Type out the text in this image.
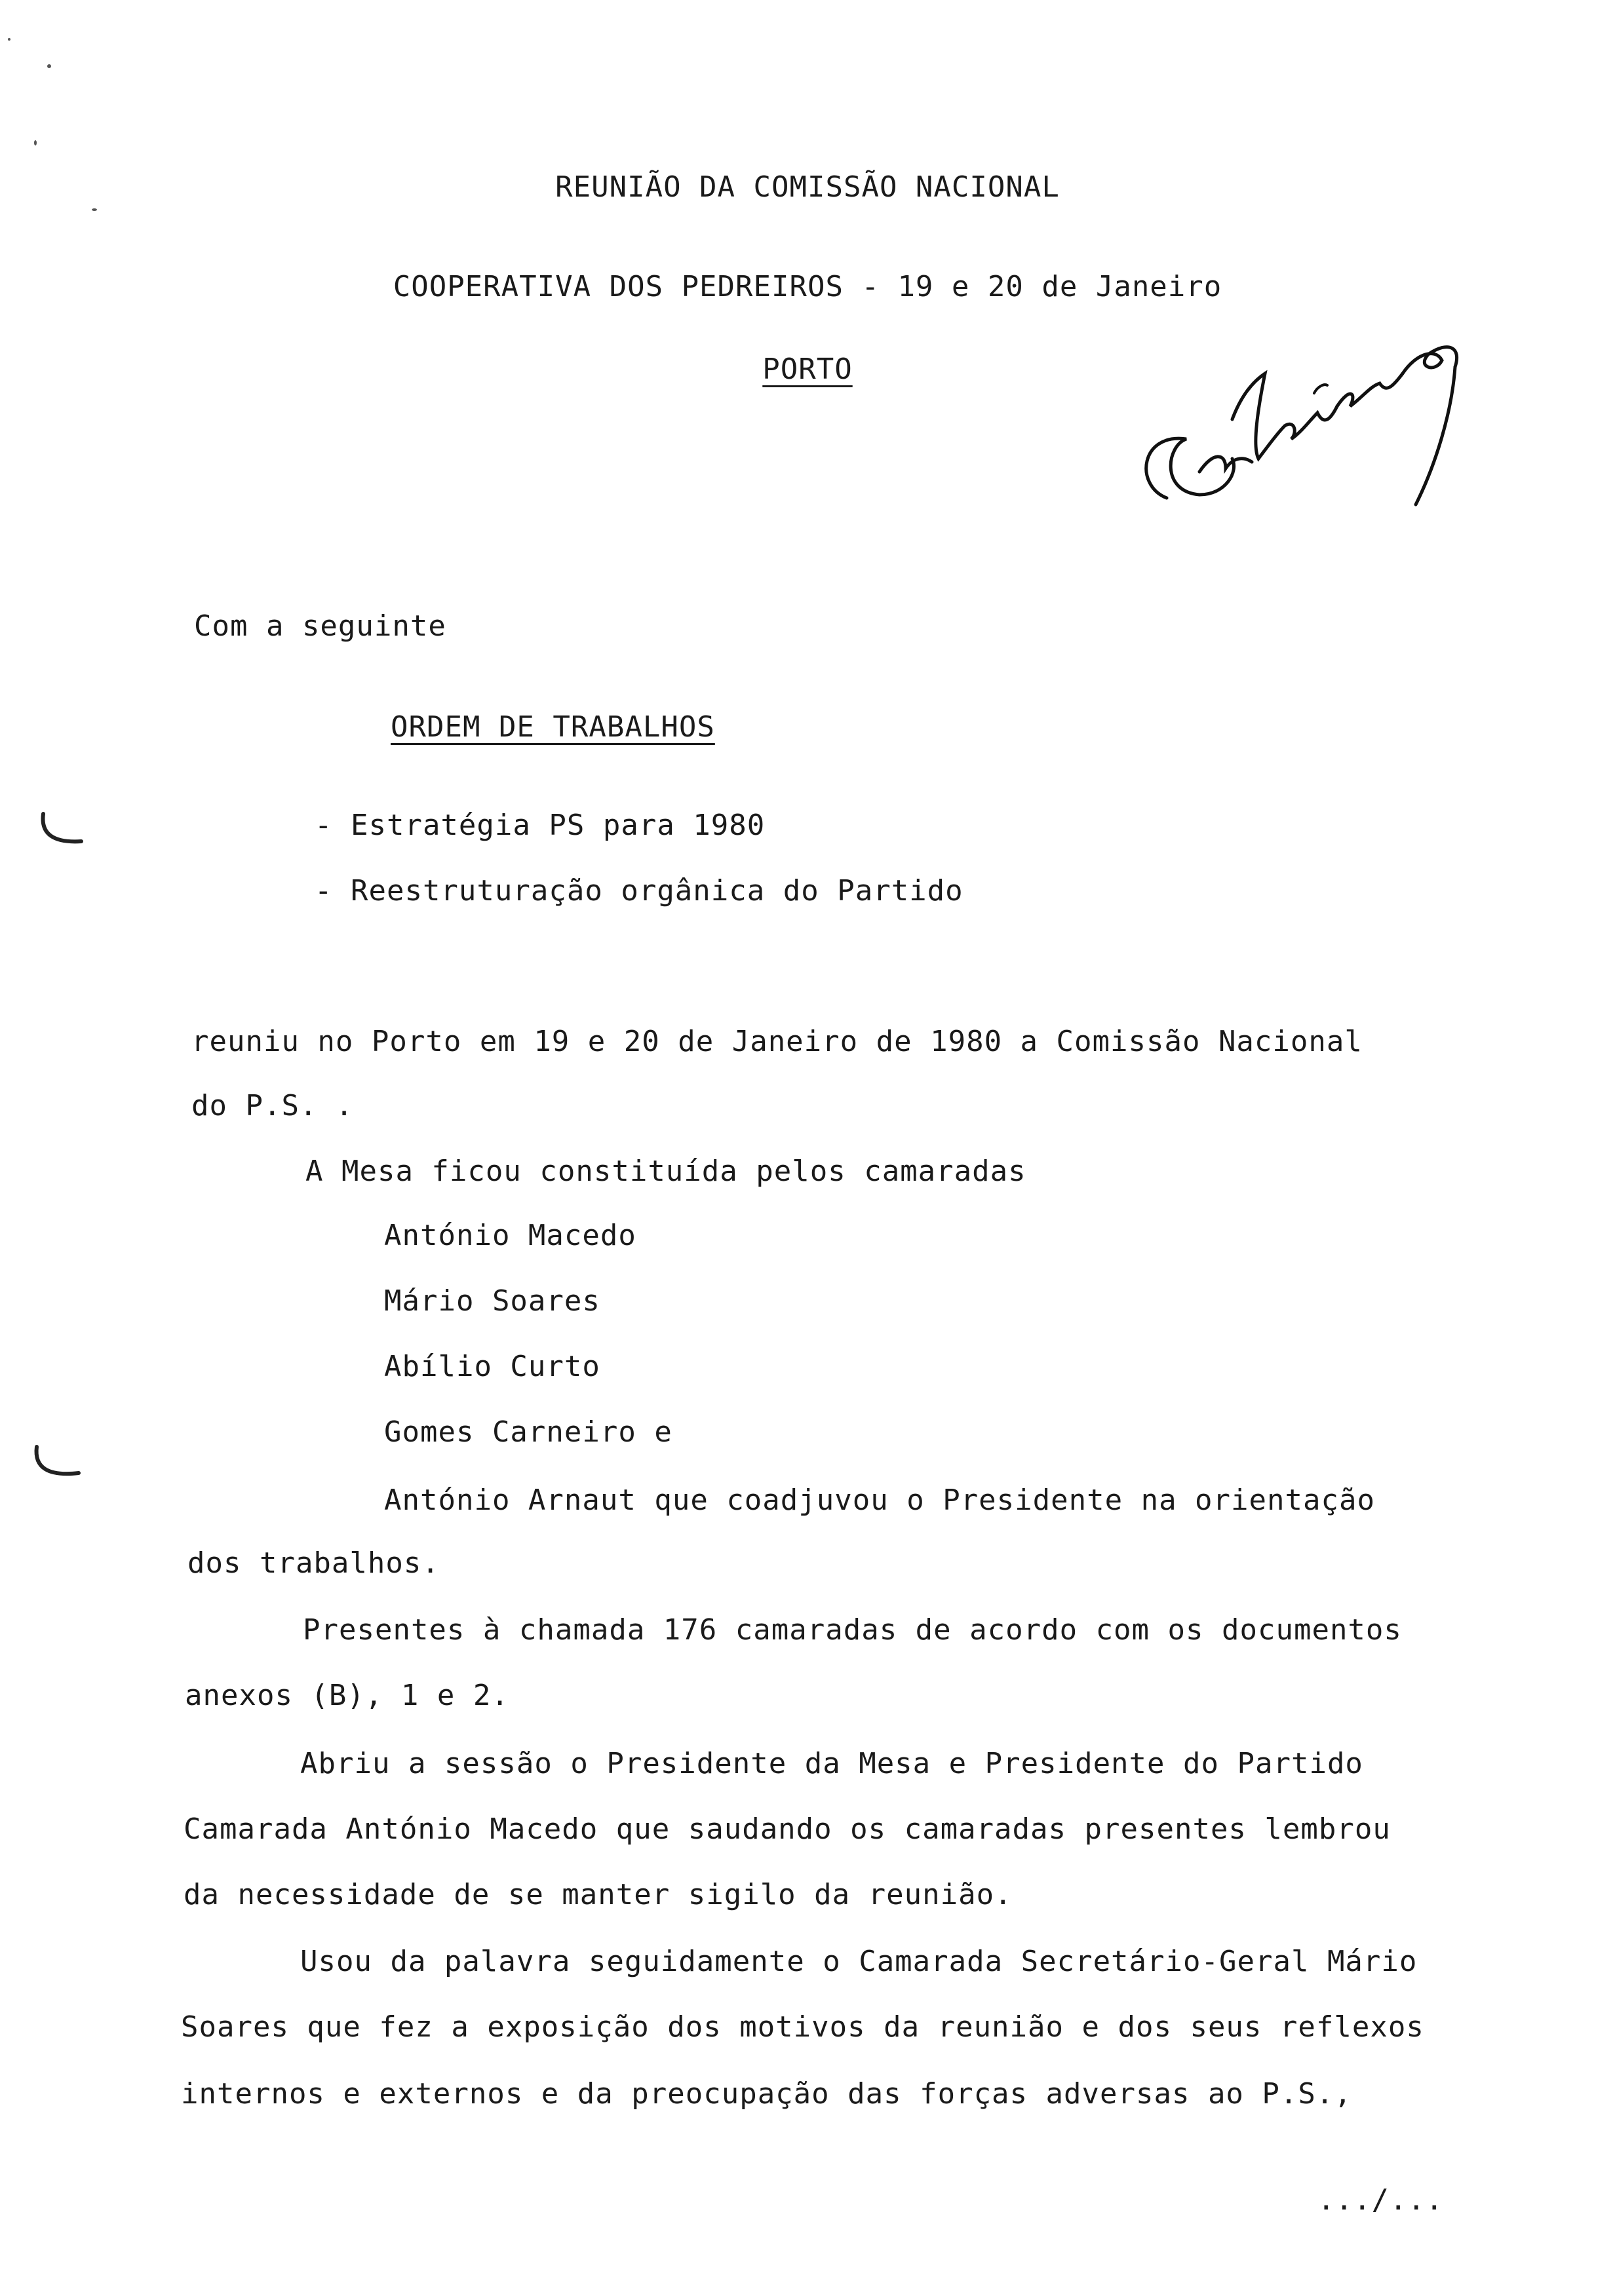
REUNIÃO DA COMISSÃO NACIONAL
COOPERATIVA DOS PEDREIROS - 19 e 20 de Janeiro
PORTO
Com a seguinte
ORDEM DE TRABALHOS
- Estratégia PS para 1980
- Reestruturação orgânica do Partido
reuniu no Porto em 19 e 20 de Janeiro de 1980 a Comissão Nacional
do P.S. .
A Mesa ficou constituída pelos camaradas
António Macedo
Mário Soares
Abílio Curto
Gomes Carneiro e
António Arnaut que coadjuvou o Presidente na orientação
dos trabalhos.
Presentes à chamada 176 camaradas de acordo com os documentos
anexos (B), 1 e 2.
Abriu a sessão o Presidente da Mesa e Presidente do Partido
Camarada António Macedo que saudando os camaradas presentes lembrou
da necessidade de se manter sigilo da reunião.
Usou da palavra seguidamente o Camarada Secretário-Geral Mário
Soares que fez a exposição dos motivos da reunião e dos seus reflexos
internos e externos e da preocupação das forças adversas ao P.S.,
.../...
